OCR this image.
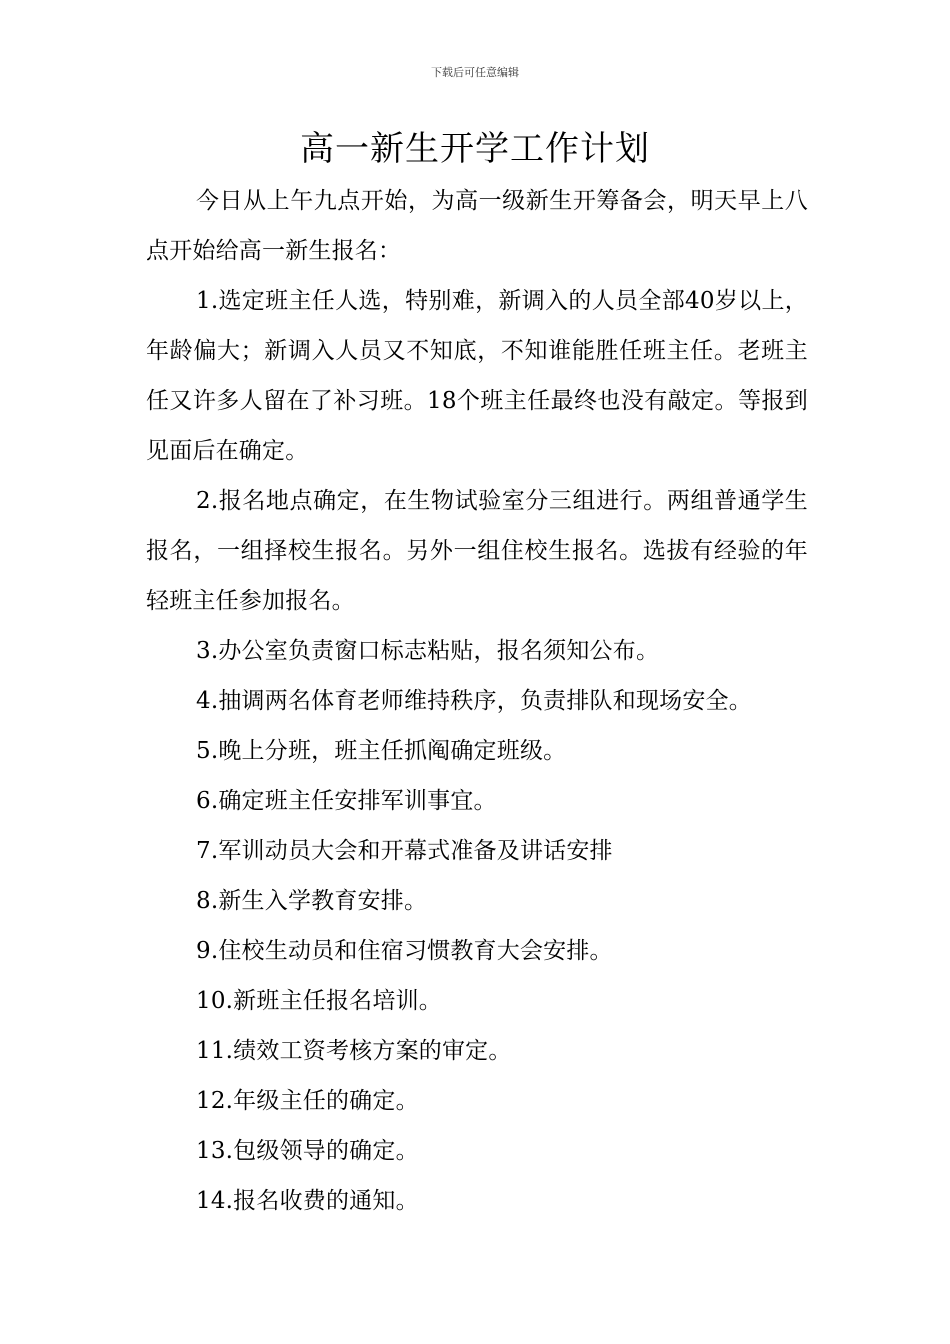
下载后可任意编辑
高一新生开学工作计划

今日从上午九点开始，为高一级新生开筹备会，明天早上八点开始给高一新生报名：

1.选定班主任人选，特别难，新调入的人员全部40岁以上，年龄偏大；新调入人员又不知底，不知谁能胜任班主任。老班主任又许多人留在了补习班。18个班主任最终也没有敲定。等报到见面后在确定。

2.报名地点确定，在生物试验室分三组进行。两组普通学生报名，一组择校生报名。另外一组住校生报名。选拔有经验的年轻班主任参加报名。

3.办公室负责窗口标志粘贴，报名须知公布。

4.抽调两名体育老师维持秩序，负责排队和现场安全。

5.晚上分班，班主任抓阄确定班级。

6.确定班主任安排军训事宜。

7.军训动员大会和开幕式准备及讲话安排

8.新生入学教育安排。

9.住校生动员和住宿习惯教育大会安排。

10.新班主任报名培训。

11.绩效工资考核方案的审定。

12.年级主任的确定。

13.包级领导的确定。

14.报名收费的通知。
